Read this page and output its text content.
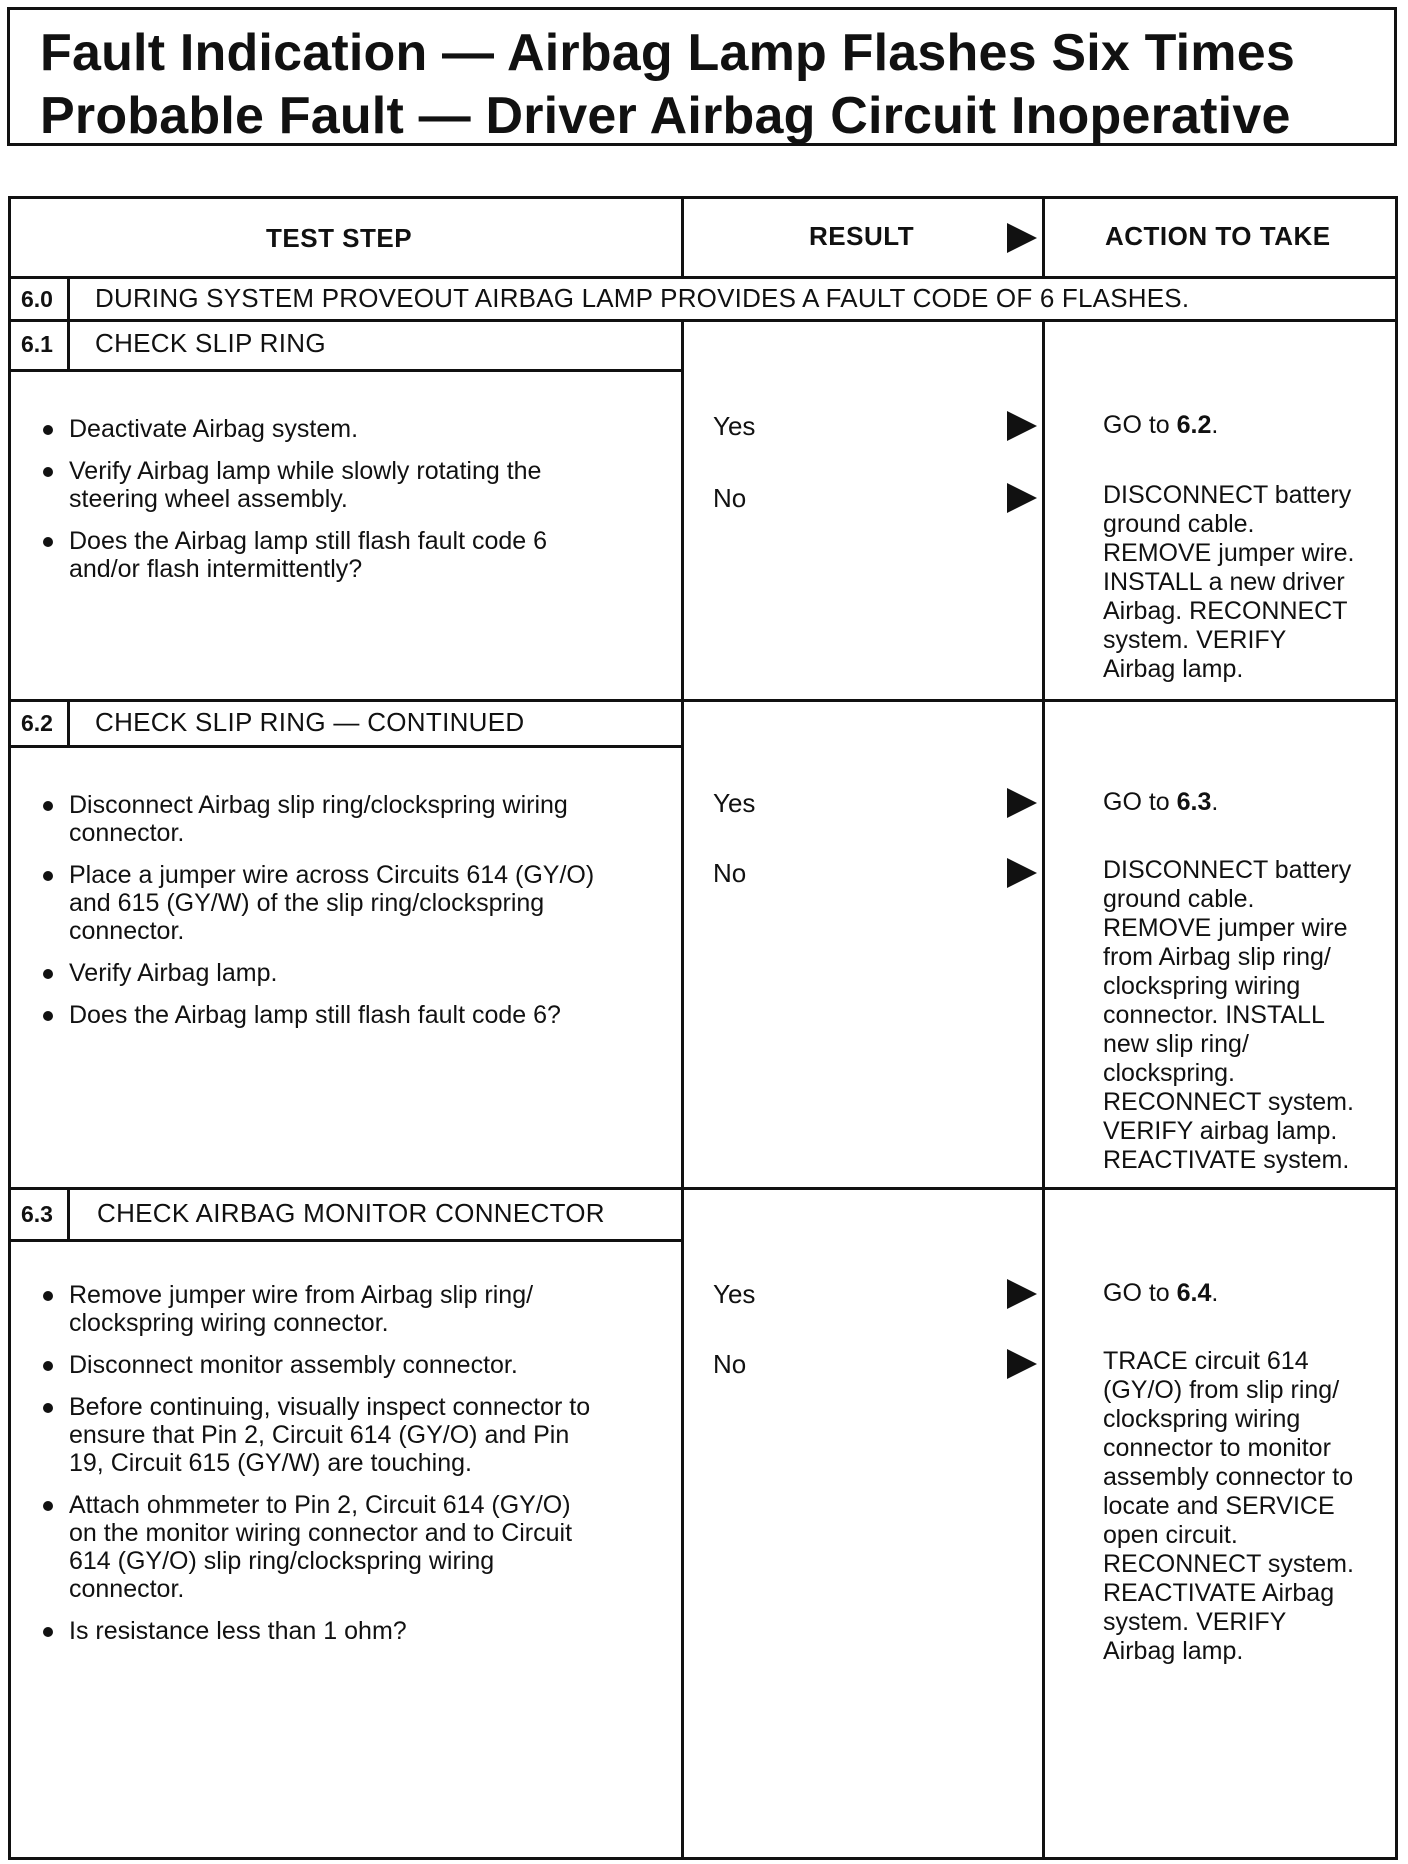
Fault Indication — Airbag Lamp Flashes Six Times
Probable Fault — Driver Airbag Circuit Inoperative
TEST STEP	RESULT	ACTION TO TAKE
6.0 DURING SYSTEM PROVEOUT AIRBAG LAMP PROVIDES A FAULT CODE OF 6 FLASHES.
6.1 CHECK SLIP RING
Deactivate Airbag system.
Verify Airbag lamp while slowly rotating the
steering wheel assembly.
Does the Airbag lamp still flash fault code 6
and/or flash intermittently?
Yes	GO to 6.2.
No	DISCONNECT battery
ground cable.
REMOVE jumper wire.
INSTALL a new driver
Airbag. RECONNECT
system. VERIFY
Airbag lamp.
6.2 CHECK SLIP RING — CONTINUED
Disconnect Airbag slip ring/clockspring wiring
connector.
Place a jumper wire across Circuits 614 (GY/O)
and 615 (GY/W) of the slip ring/clockspring
connector.
Verify Airbag lamp.
Does the Airbag lamp still flash fault code 6?
Yes	GO to 6.3.
No	DISCONNECT battery
ground cable.
REMOVE jumper wire
from Airbag slip ring/
clockspring wiring
connector. INSTALL
new slip ring/
clockspring.
RECONNECT system.
VERIFY airbag lamp.
REACTIVATE system.
6.3 CHECK AIRBAG MONITOR CONNECTOR
Remove jumper wire from Airbag slip ring/
clockspring wiring connector.
Disconnect monitor assembly connector.
Before continuing, visually inspect connector to
ensure that Pin 2, Circuit 614 (GY/O) and Pin
19, Circuit 615 (GY/W) are touching.
Attach ohmmeter to Pin 2, Circuit 614 (GY/O)
on the monitor wiring connector and to Circuit
614 (GY/O) slip ring/clockspring wiring
connector.
Is resistance less than 1 ohm?
Yes	GO to 6.4.
No	TRACE circuit 614
(GY/O) from slip ring/
clockspring wiring
connector to monitor
assembly connector to
locate and SERVICE
open circuit.
RECONNECT system.
REACTIVATE Airbag
system. VERIFY
Airbag lamp.
